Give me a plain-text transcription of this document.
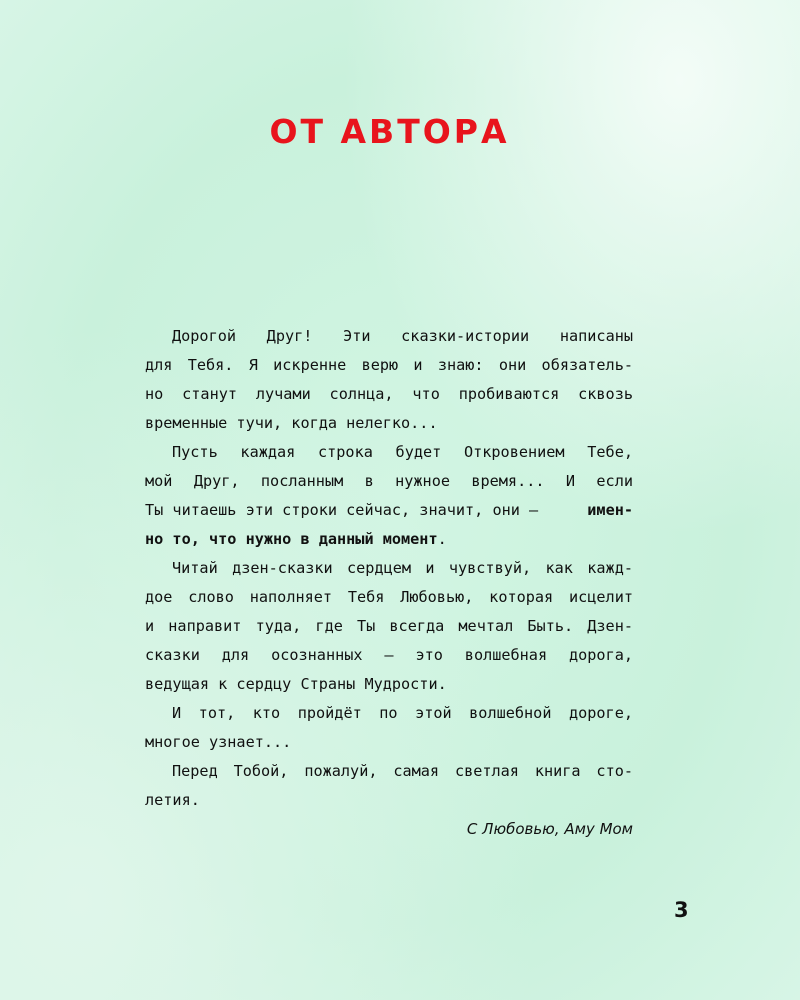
ОТ АВТОРА
Дорогой Друг! Эти сказки-истории написаны
для Тебя. Я искренне верю и знаю: они обязатель-
но станут лучами солнца, что пробиваются сквозь
временные тучи, когда нелегко...
Пусть каждая строка будет Откровением Тебе,
мой Друг, посланным в нужное время... И если
Ты читаешь эти строки сейчас, значит, они —	имен-
но то, что нужно в данный момент.
Читай дзен-сказки сердцем и чувствуй, как кажд-
дое слово наполняет Тебя Любовью, которая исцелит
и направит туда, где Ты всегда мечтал Быть. Дзен-
сказки для осознанных — это волшебная дорога,
ведущая к сердцу Страны Мудрости.
И тот, кто пройдёт по этой волшебной дороге,
многое узнает...
Перед Тобой, пожалуй, самая светлая книга сто-
летия.
С Любовью, Аму Мом

3
